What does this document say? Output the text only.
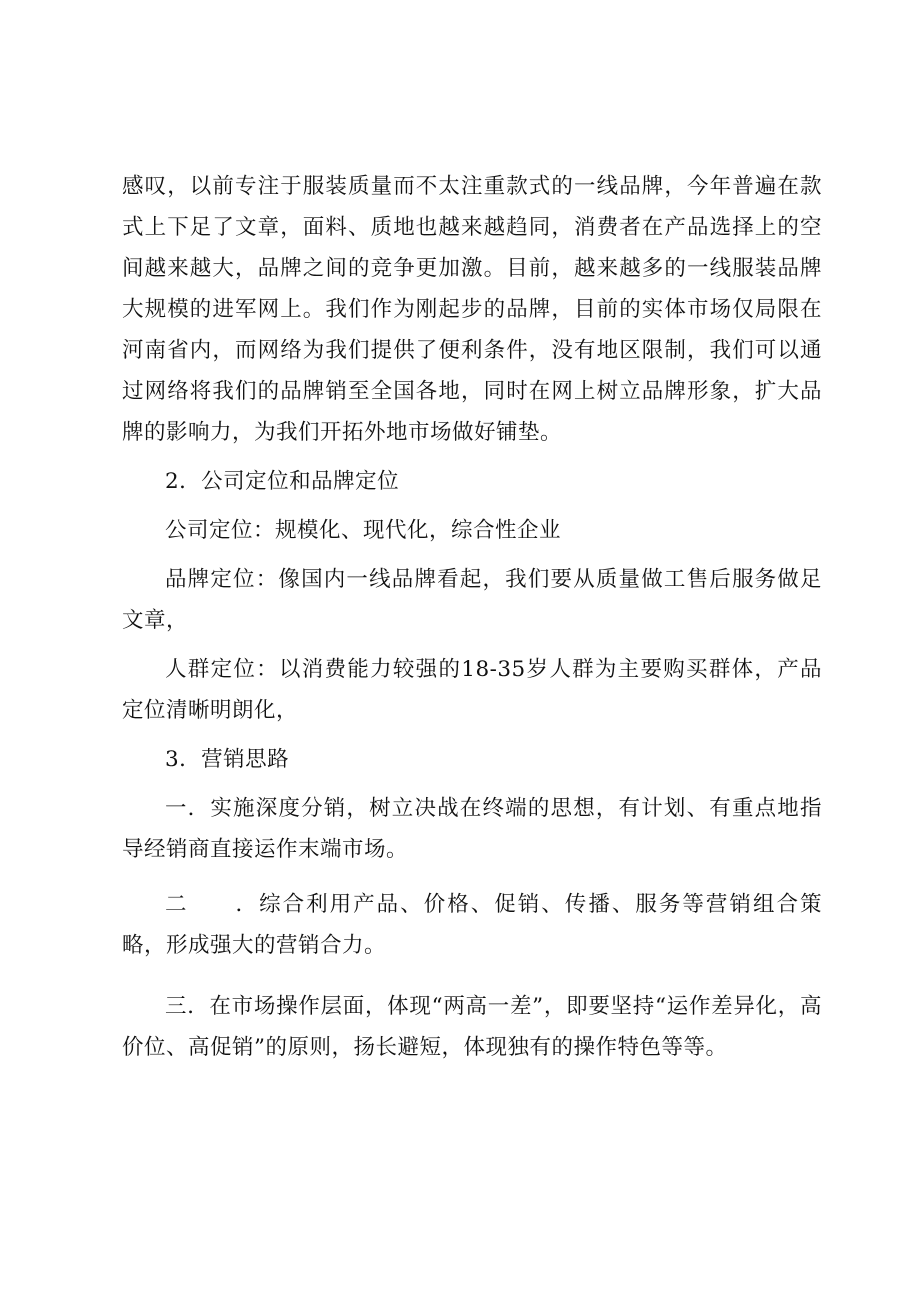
感叹，以前专注于服装质量而不太注重款式的一线品牌，今年普遍在款式上下足了文章，面料、质地也越来越趋同，消费者在产品选择上的空间越来越大，品牌之间的竞争更加激。目前，越来越多的一线服装品牌大规模的进军网上。我们作为刚起步的品牌，目前的实体市场仅局限在河南省内，而网络为我们提供了便利条件，没有地区限制，我们可以通过网络将我们的品牌销至全国各地，同时在网上树立品牌形象，扩大品牌的影响力，为我们开拓外地市场做好铺垫。

2．公司定位和品牌定位

公司定位：规模化、现代化，综合性企业

品牌定位：像国内一线品牌看起，我们要从质量做工售后服务做足文章，

人群定位：以消费能力较强的18-35岁人群为主要购买群体，产品定位清晰明朗化，

3．营销思路

一．实施深度分销，树立决战在终端的思想，有计划、有重点地指导经销商直接运作末端市场。

二　　．综合利用产品、价格、促销、传播、服务等营销组合策略，形成强大的营销合力。

三．在市场操作层面，体现“两高一差”，即要坚持“运作差异化，高价位、高促销”的原则，扬长避短，体现独有的操作特色等等。
